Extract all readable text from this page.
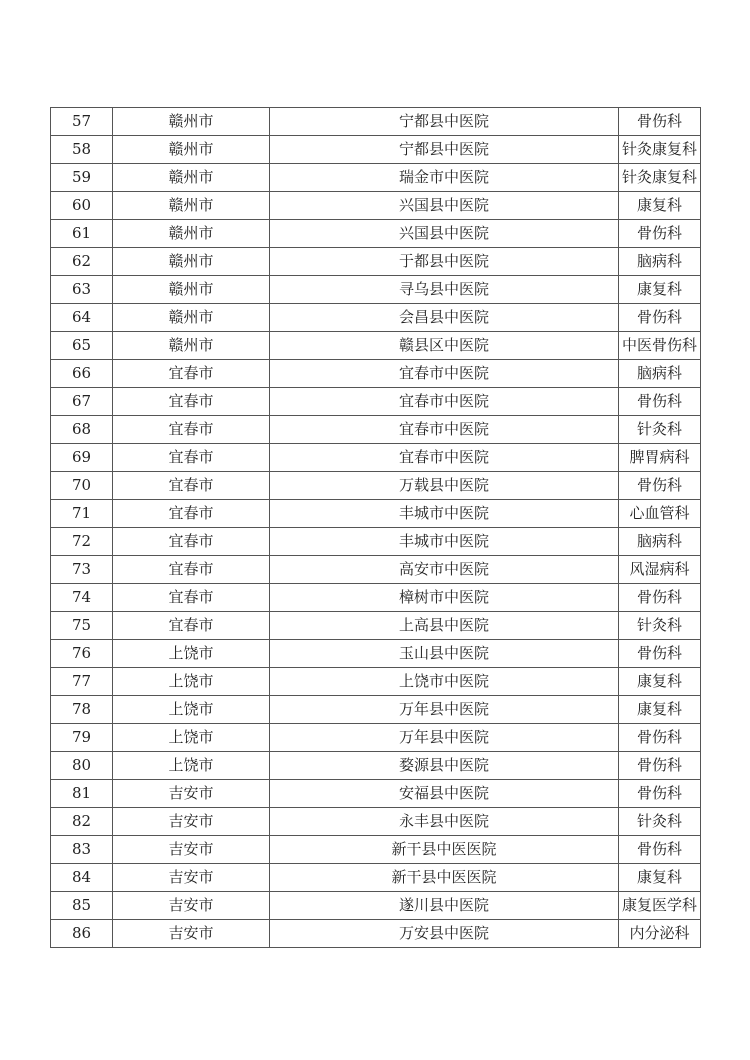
57	赣州市	宁都县中医院	骨伤科
58	赣州市	宁都县中医院	针灸康复科
59	赣州市	瑞金市中医院	针灸康复科
60	赣州市	兴国县中医院	康复科
61	赣州市	兴国县中医院	骨伤科
62	赣州市	于都县中医院	脑病科
63	赣州市	寻乌县中医院	康复科
64	赣州市	会昌县中医院	骨伤科
65	赣州市	赣县区中医院	中医骨伤科
66	宜春市	宜春市中医院	脑病科
67	宜春市	宜春市中医院	骨伤科
68	宜春市	宜春市中医院	针灸科
69	宜春市	宜春市中医院	脾胃病科
70	宜春市	万载县中医院	骨伤科
71	宜春市	丰城市中医院	心血管科
72	宜春市	丰城市中医院	脑病科
73	宜春市	高安市中医院	风湿病科
74	宜春市	樟树市中医院	骨伤科
75	宜春市	上高县中医院	针灸科
76	上饶市	玉山县中医院	骨伤科
77	上饶市	上饶市中医院	康复科
78	上饶市	万年县中医院	康复科
79	上饶市	万年县中医院	骨伤科
80	上饶市	婺源县中医院	骨伤科
81	吉安市	安福县中医院	骨伤科
82	吉安市	永丰县中医院	针灸科
83	吉安市	新干县中医医院	骨伤科
84	吉安市	新干县中医医院	康复科
85	吉安市	遂川县中医院	康复医学科
86	吉安市	万安县中医院	内分泌科
